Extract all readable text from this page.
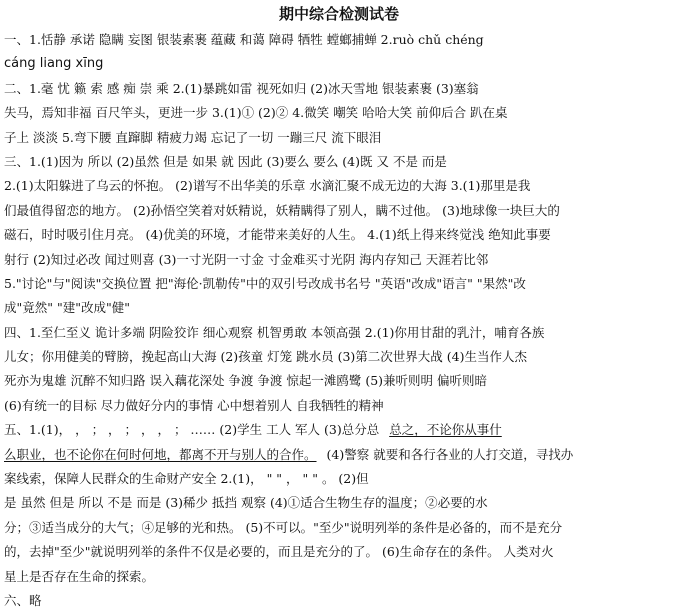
期中综合检测试卷
一、1.恬静 承诺 隐瞒 妄图 银装素裹 蕴藏 和蔼 障碍 牺牲 螳螂捕蝉 2.ruò chǔ chéng
cáng liang xīng
二、1.毫 忧 籁 索 感 痴 崇 乘 2.(1)暴跳如雷 视死如归 (2)冰天雪地 银装素裹 (3)塞翁
失马，焉知非福 百尺竿头，更进一步 3.(1)① (2)② 4.微笑 嘲笑 哈哈大笑 前仰后合 趴在桌
子上 淡淡 5.弯下腰 直蹿脚 精疲力竭 忘记了一切 一蹦三尺 流下眼泪
三、1.(1)因为 所以 (2)虽然 但是 如果 就 因此 (3)要么 要么 (4)既 又 不是 而是
2.(1)太阳躲进了乌云的怀抱。 (2)谱写不出华美的乐章 水滴汇聚不成无边的大海 3.(1)那里是我
们最值得留恋的地方。 (2)孙悟空笑着对妖精说，妖精瞒得了别人，瞒不过他。 (3)地球像一块巨大的
磁石，时时吸引住月亮。 (4)优美的环境，才能带来美好的人生。 4.(1)纸上得来终觉浅 绝知此事要
射行 (2)知过必改 闻过则喜 (3)一寸光阴一寸金 寸金难买寸光阴 海内存知己 天涯若比邻
5."讨论"与"阅读"交换位置 把"海伦·凯勒传"中的双引号改成书名号 "英语"改成"语言" "果然"改
成"竟然" "建"改成"健"
四、1.至仁至义 诡计多端 阴险狡诈 细心观察 机智勇敢 本领高强 2.(1)你用甘甜的乳汁，哺育各族
儿女；你用健美的臂膀，挽起高山大海 (2)孩童 灯笼 跳水员 (3)第二次世界大战 (4)生当作人杰
死亦为鬼雄 沉醉不知归路 误入藕花深处 争渡 争渡 惊起一滩鸥鹭 (5)兼听则明 偏听则暗
(6)有统一的目标 尽力做好分内的事情 心中想着别人 自我牺牲的精神
五、1.(1)， ， ； ， ； ， ， ； …… (2)学生 工人 军人 (3)总分总 总之，不论你从事什
么职业，也不论你在何时何地，都离不开与别人的合作。 (4)警察 就要和各行各业的人打交道，寻找办
案线索，保障人民群众的生命财产安全 2.(1)， " " ， " " 。 (2)但
是 虽然 但是 所以 不是 而是 (3)稀少 抵挡 观察 (4)①适合生物生存的温度；②必要的水
分；③适当成分的大气；④足够的光和热。 (5)不可以。"至少"说明列举的条件是必备的，而不是充分
的，去掉"至少"就说明列举的条件不仅是必要的，而且是充分的了。 (6)生命存在的条件。 人类对火
星上是否存在生命的探索。
六、略
